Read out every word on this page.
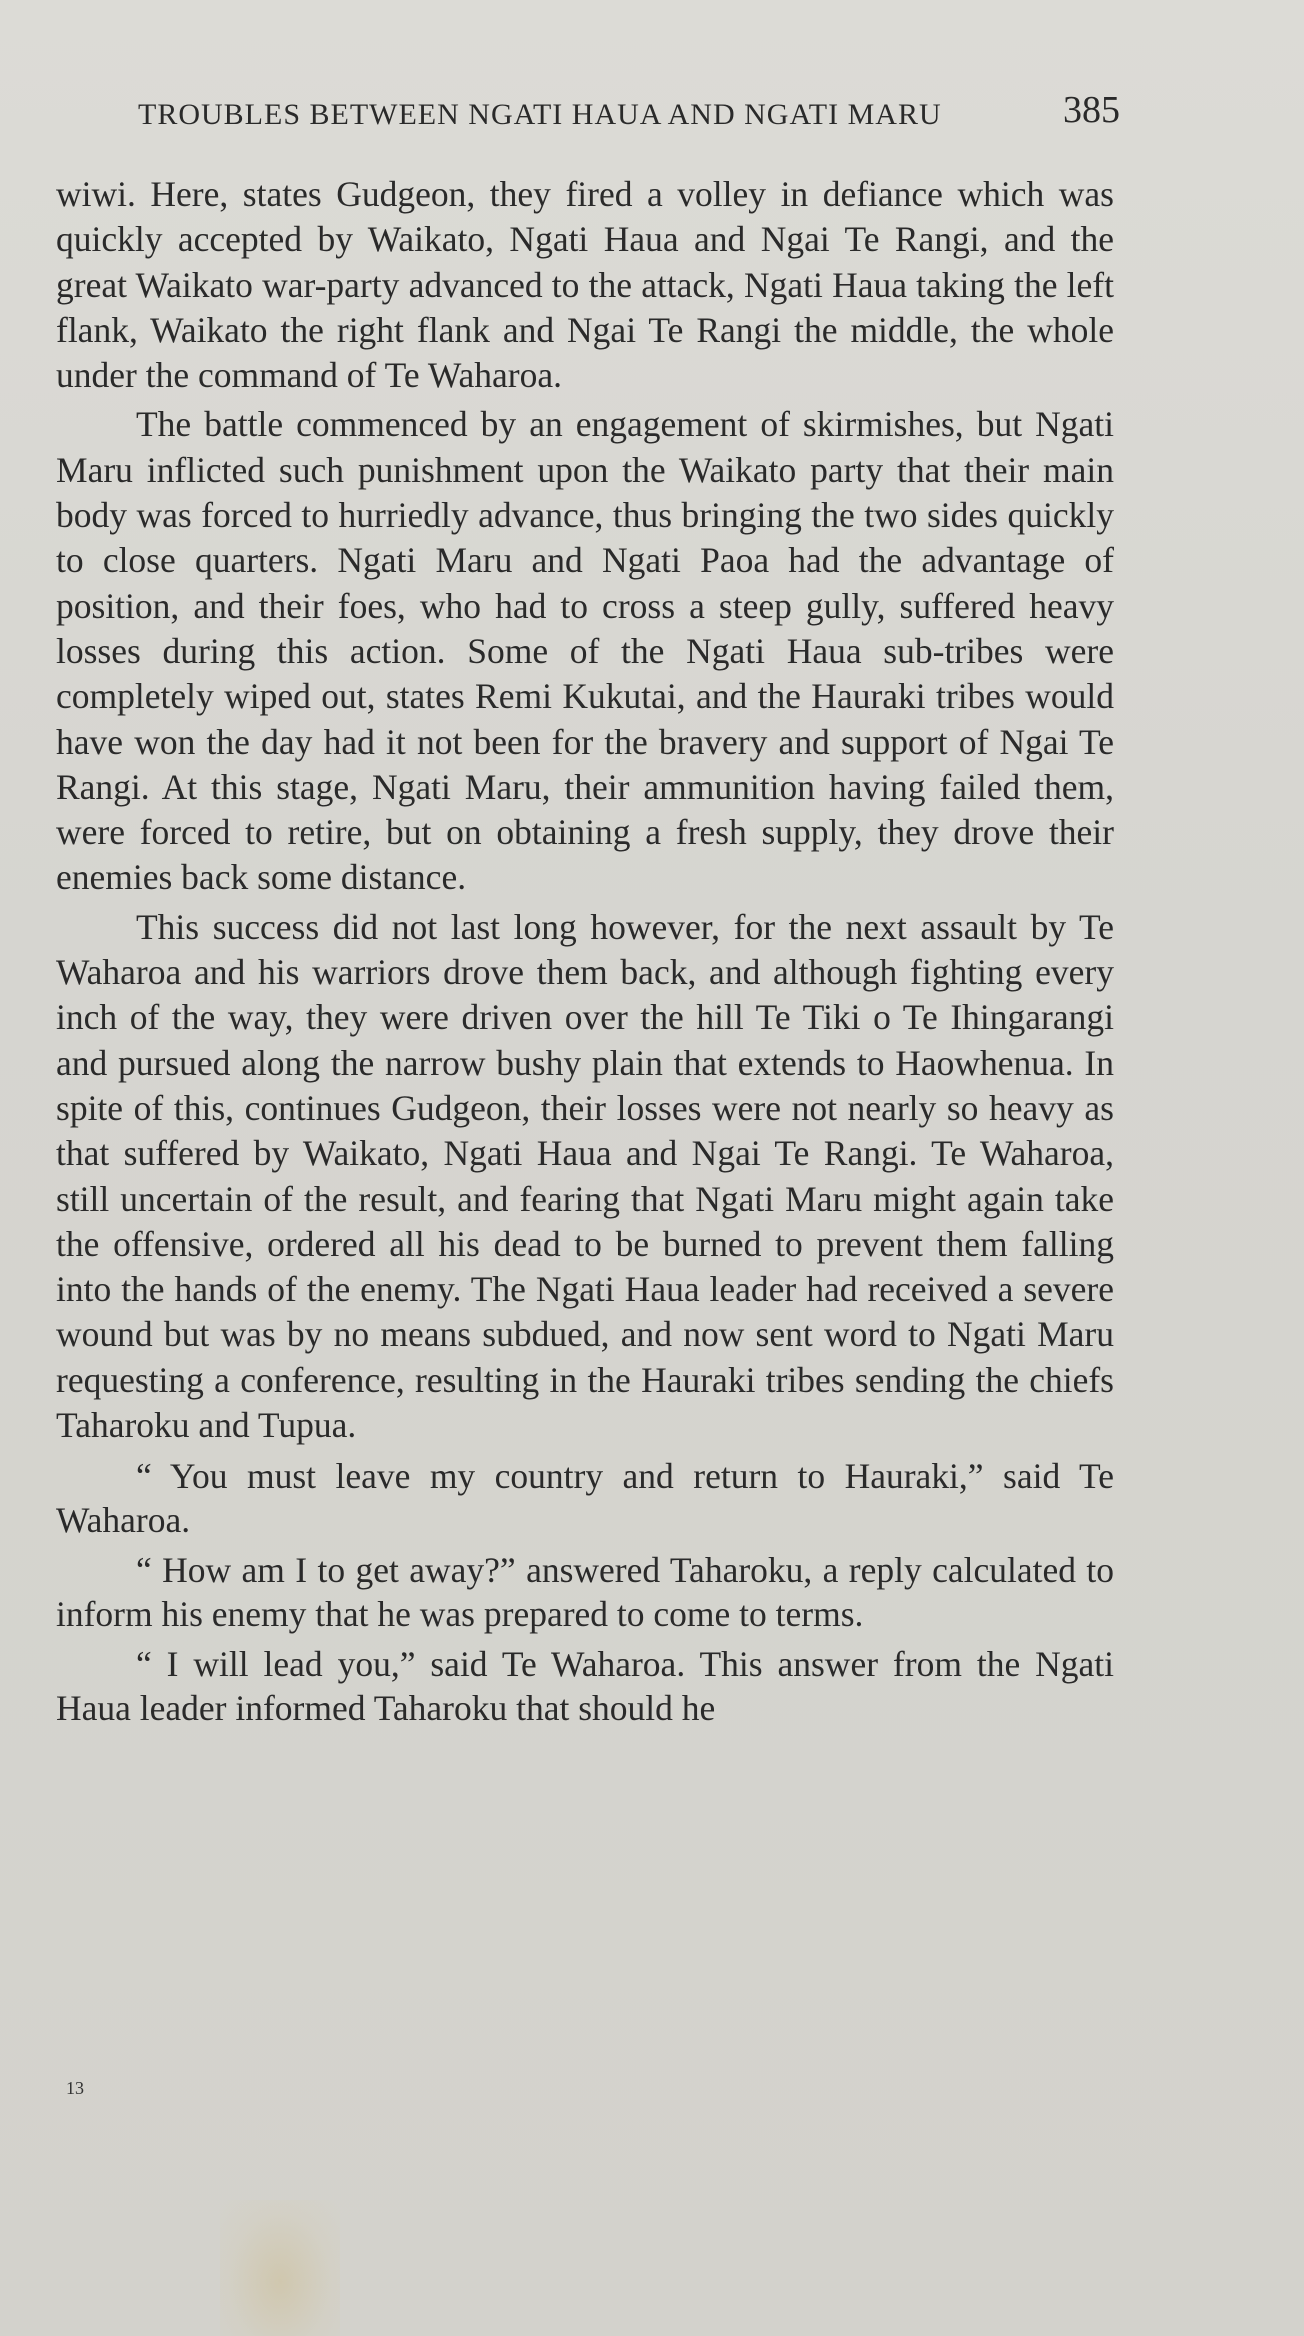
TROUBLES BETWEEN NGATI HAUA AND NGATI MARU	385

wiwi. Here, states Gudgeon, they fired a volley in defiance which was quickly accepted by Waikato, Ngati Haua and Ngai Te Rangi, and the great Waikato war-party advanced to the attack, Ngati Haua taking the left flank, Waikato the right flank and Ngai Te Rangi the middle, the whole under the command of Te Waharoa.

The battle commenced by an engagement of skirmishes, but Ngati Maru inflicted such punishment upon the Waikato party that their main body was forced to hurriedly advance, thus bringing the two sides quickly to close quarters. Ngati Maru and Ngati Paoa had the advantage of position, and their foes, who had to cross a steep gully, suffered heavy losses during this action. Some of the Ngati Haua sub-tribes were completely wiped out, states Remi Kukutai, and the Hauraki tribes would have won the day had it not been for the bravery and support of Ngai Te Rangi. At this stage, Ngati Maru, their ammunition having failed them, were forced to retire, but on obtaining a fresh supply, they drove their enemies back some distance.

This success did not last long however, for the next assault by Te Waharoa and his warriors drove them back, and although fighting every inch of the way, they were driven over the hill Te Tiki o Te Ihingarangi and pursued along the narrow bushy plain that extends to Haowhenua. In spite of this, continues Gudgeon, their losses were not nearly so heavy as that suffered by Waikato, Ngati Haua and Ngai Te Rangi. Te Waharoa, still uncertain of the result, and fearing that Ngati Maru might again take the offensive, ordered all his dead to be burned to prevent them falling into the hands of the enemy. The Ngati Haua leader had received a severe wound but was by no means subdued, and now sent word to Ngati Maru requesting a conference, resulting in the Hauraki tribes sending the chiefs Taharoku and Tupua.

“ You must leave my country and return to Hauraki,” said Te Waharoa.

“ How am I to get away?” answered Taharoku, a reply calculated to inform his enemy that he was prepared to come to terms.

“ I will lead you,” said Te Waharoa. This answer from the Ngati Haua leader informed Taharoku that should he

13
